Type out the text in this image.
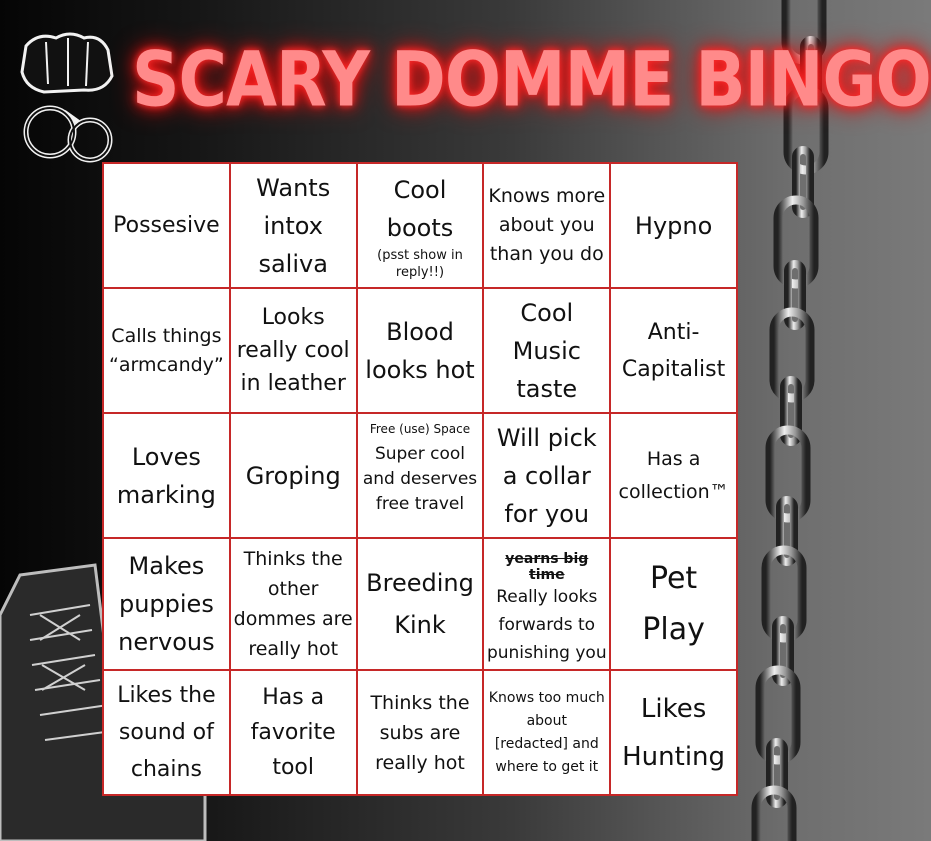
SCARY DOMME BINGO
Possesive
Wants
intox
saliva
Cool
boots
(psst show in
reply!!)
Knows more
about you
than you do
Hypno
Calls things
“armcandy”
Looks
really cool
in leather
Blood
looks hot
Cool
Music
taste
Anti-
Capitalist
Loves
marking
Groping
Free (use) Space
Super cool
and deserves
free travel
Will pick
a collar
for you
Has a
collection™
Makes
puppies
nervous
Thinks the
other
dommes are
really hot
Breeding
Kink
yearns big time
Really looks
forwards to
punishing you
Pet
Play
Likes the
sound of
chains
Has a
favorite
tool
Thinks the
subs are
really hot
Knows too much
about
[redacted] and
where to get it
Likes
Hunting
